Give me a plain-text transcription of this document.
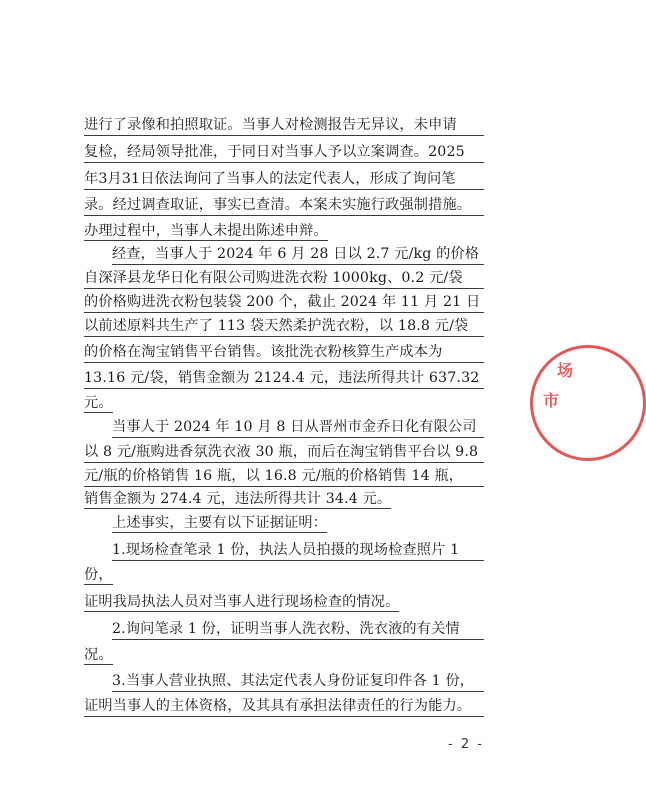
进行了录像和拍照取证。当事人对检测报告无异议，未申请
复检，经局领导批准，于同日对当事人予以立案调查。2025
年3月31日依法询问了当事人的法定代表人，形成了询问笔
录。经过调查取证，事实已查清。本案未实施行政强制措施。
办理过程中，当事人未提出陈述申辩。
经查，当事人于 2024 年 6 月 28 日以 2.7 元/kg 的价格
自深泽县龙华日化有限公司购进洗衣粉 1000kg、0.2 元/袋
的价格购进洗衣粉包装袋 200 个，截止 2024 年 11 月 21 日
以前述原料共生产了 113 袋天然柔护洗衣粉，以 18.8 元/袋
的价格在淘宝销售平台销售。该批洗衣粉核算生产成本为
13.16 元/袋，销售金额为 2124.4 元，违法所得共计 637.32
元。
当事人于 2024 年 10 月 8 日从晋州市金乔日化有限公司
以 8 元/瓶购进香氛洗衣液 30 瓶，而后在淘宝销售平台以 9.8
元/瓶的价格销售 16 瓶，以 16.8 元/瓶的价格销售 14 瓶，
销售金额为 274.4 元，违法所得共计 34.4 元。
上述事实，主要有以下证据证明：
1.现场检查笔录 1 份，执法人员拍摄的现场检查照片 1
份，
证明我局执法人员对当事人进行现场检查的情况。
2.询问笔录 1 份，证明当事人洗衣粉、洗衣液的有关情
况。
3.当事人营业执照、其法定代表人身份证复印件各 1 份，
证明当事人的主体资格，及其具有承担法律责任的行为能力。
- 2 -
市
场
